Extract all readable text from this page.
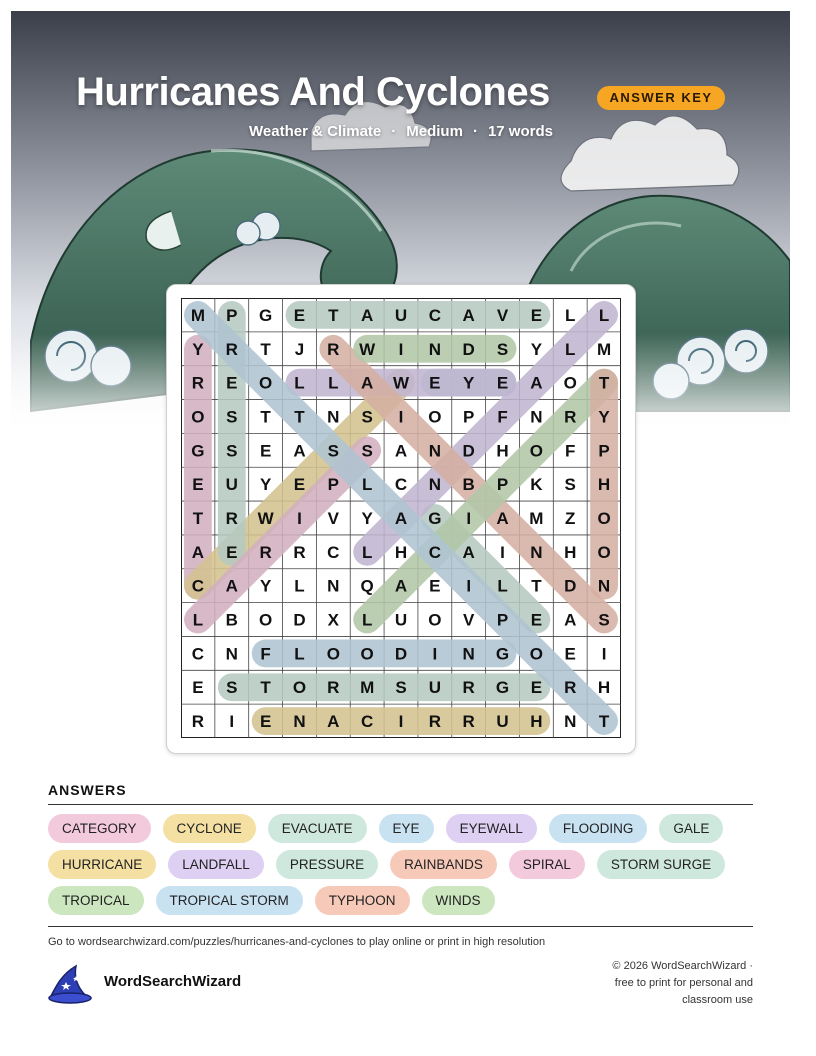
Hurricanes And Cyclones	ANSWER KEY
Weather & Climate · Medium · 17 words
M P G E T A U C A V E L L
Y R T J R W I N D S Y L M
R E O L L A W E Y E A O T
O S T T N S I O P F N R Y
G S E A S S A N D H O F P
E U Y E P L C N B P K S H
T R W I V Y A G I A M Z O
A E R R C L H C A I N H O
C A Y L N Q A E I L T D N
L B O D X L U O V P E A S
C N F L O O D I N G O E I
E S T O R M S U R G E R H
R I E N A C I R R U H N T
ANSWERS
CATEGORY	CYCLONE	EVACUATE	EYE	EYEWALL	FLOODING	GALE
HURRICANE	LANDFALL	PRESSURE	RAINBANDS	SPIRAL	STORM SURGE
TROPICAL	TROPICAL STORM	TYPHOON	WINDS
Go to wordsearchwizard.com/puzzles/hurricanes-and-cyclones to play online or print in high resolution
WordSearchWizard
© 2026 WordSearchWizard ·
free to print for personal and
classroom use
